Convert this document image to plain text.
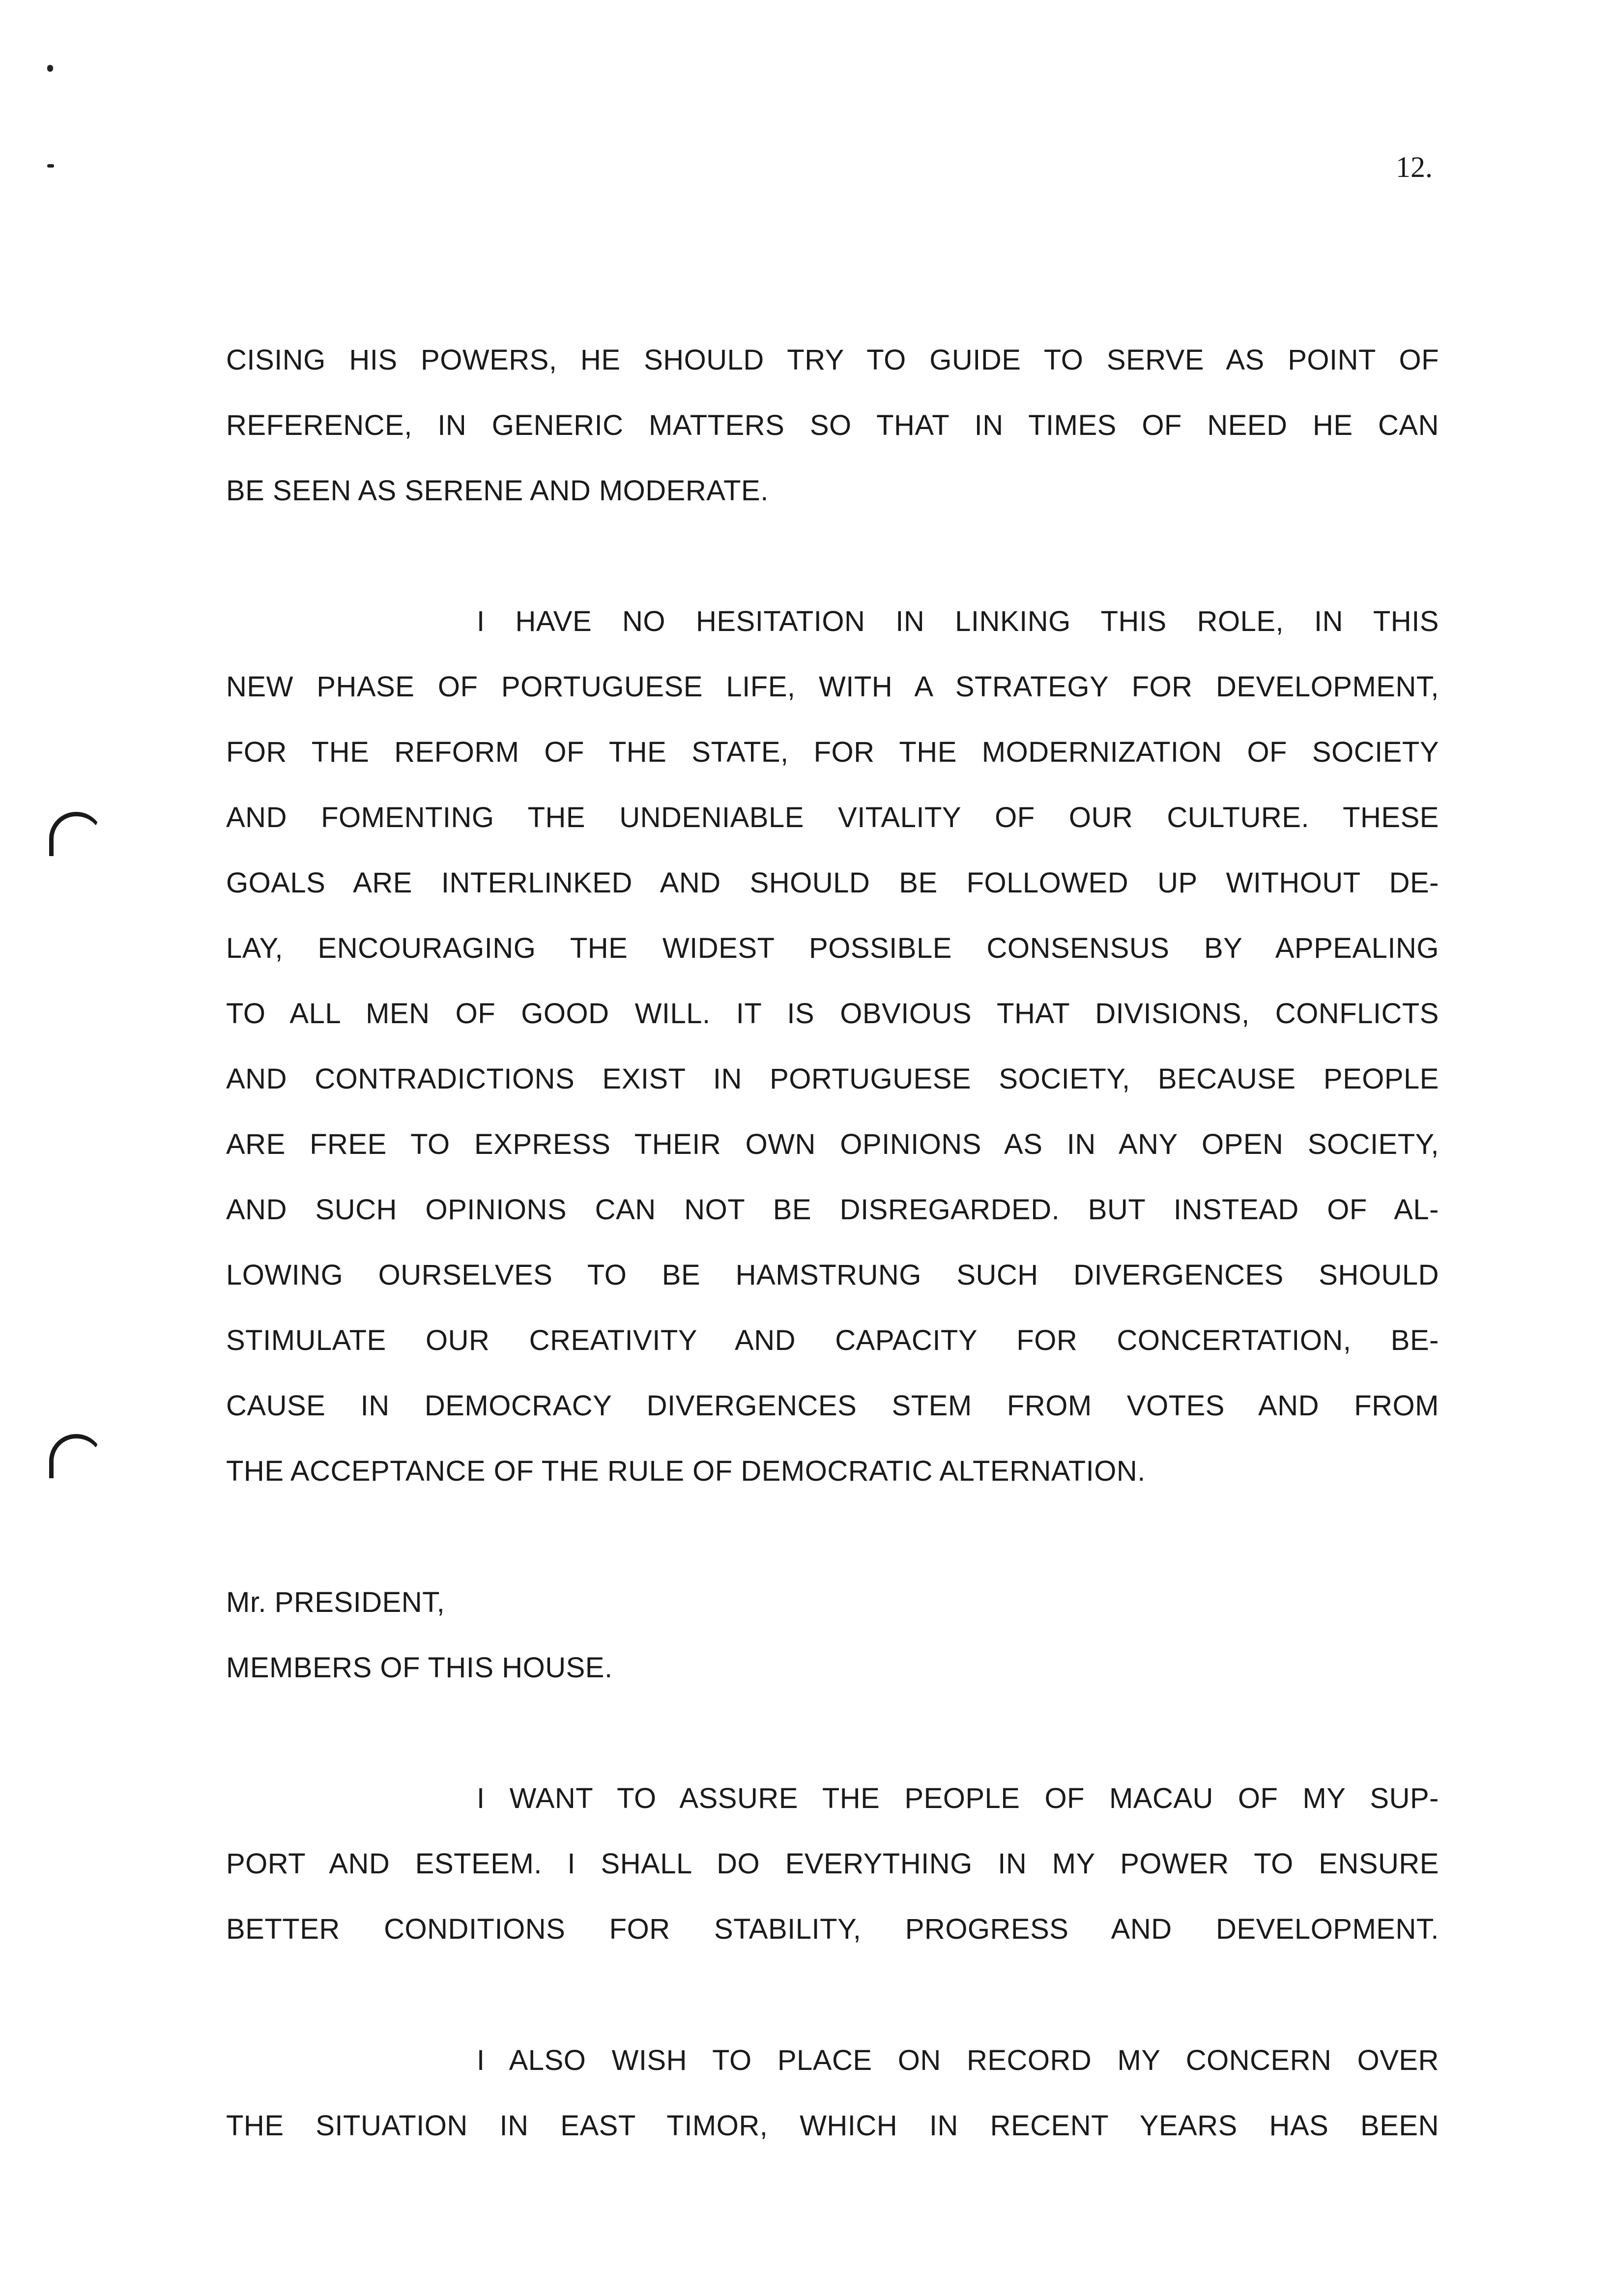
12.
CISING HIS POWERS, HE SHOULD TRY TO GUIDE TO SERVE AS POINT OF
REFERENCE, IN GENERIC MATTERS SO THAT IN TIMES OF NEED HE CAN
BE SEEN AS SERENE AND MODERATE.
I HAVE NO HESITATION IN LINKING THIS ROLE, IN THIS
NEW PHASE OF PORTUGUESE LIFE, WITH A STRATEGY FOR DEVELOPMENT,
FOR THE REFORM OF THE STATE, FOR THE MODERNIZATION OF SOCIETY
AND FOMENTING THE UNDENIABLE VITALITY OF OUR CULTURE. THESE
GOALS ARE INTERLINKED AND SHOULD BE FOLLOWED UP WITHOUT DE-
LAY, ENCOURAGING THE WIDEST POSSIBLE CONSENSUS BY APPEALING
TO ALL MEN OF GOOD WILL. IT IS OBVIOUS THAT DIVISIONS, CONFLICTS
AND CONTRADICTIONS EXIST IN PORTUGUESE SOCIETY, BECAUSE PEOPLE
ARE FREE TO EXPRESS THEIR OWN OPINIONS AS IN ANY OPEN SOCIETY,
AND SUCH OPINIONS CAN NOT BE DISREGARDED. BUT INSTEAD OF AL-
LOWING OURSELVES TO BE HAMSTRUNG SUCH DIVERGENCES SHOULD
STIMULATE OUR CREATIVITY AND CAPACITY FOR CONCERTATION, BE-
CAUSE IN DEMOCRACY DIVERGENCES STEM FROM VOTES AND FROM
THE ACCEPTANCE OF THE RULE OF DEMOCRATIC ALTERNATION.
Mr. PRESIDENT,
MEMBERS OF THIS HOUSE.
I WANT TO ASSURE THE PEOPLE OF MACAU OF MY SUP-
PORT AND ESTEEM. I SHALL DO EVERYTHING IN MY POWER TO ENSURE
BETTER CONDITIONS FOR STABILITY, PROGRESS AND DEVELOPMENT.
I ALSO WISH TO PLACE ON RECORD MY CONCERN OVER
THE SITUATION IN EAST TIMOR, WHICH IN RECENT YEARS HAS BEEN
